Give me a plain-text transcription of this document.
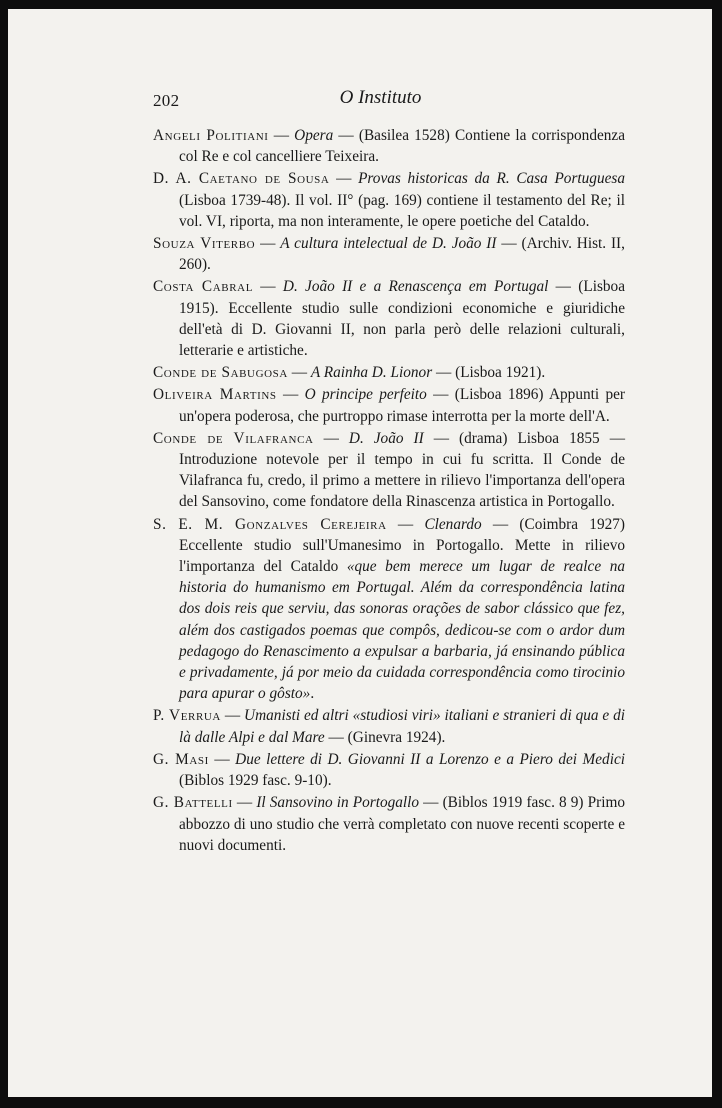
202	O Instituto
Angeli Politiani — Opera — (Basilea 1528) Contiene la corrispondenza col Re e col cancelliere Teixeira.
D. A. Caetano de Sousa — Provas historicas da R. Casa Portuguesa (Lisboa 1739-48). Il vol. II° (pag. 169) contiene il testamento del Re; il vol. VI, riporta, ma non interamente, le opere poetiche del Cataldo.
Souza Viterbo — A cultura intelectual de D. João II — (Archiv. Hist. II, 260).
Costa Cabral — D. João II e a Renascença em Portugal — (Lisboa 1915). Eccellente studio sulle condizioni economiche e giuridiche dell'età di D. Giovanni II, non parla però delle relazioni culturali, letterarie e artistiche.
Conde de Sabugosa — A Rainha D. Lionor — (Lisboa 1921).
Oliveira Martins — O principe perfeito — (Lisboa 1896) Appunti per un'opera poderosa, che purtroppo rimase interrotta per la morte dell'A.
Conde de Vilafranca — D. João II — (drama) Lisboa 1855 — Introduzione notevole per il tempo in cui fu scritta. Il Conde de Vilafranca fu, credo, il primo a mettere in rilievo l'importanza dell'opera del Sansovino, come fondatore della Rinascenza artistica in Portogallo.
S. E. M. Gonzalves Cerejeira — Clenardo — (Coimbra 1927) Eccellente studio sull'Umanesimo in Portogallo. Mette in rilievo l'importanza del Cataldo «que bem merece um lugar de realce na historia do humanismo em Portugal. Além da correspondência latina dos dois reis que serviu, das sonoras orações de sabor clássico que fez, além dos castigados poemas que compôs, dedicou-se com o ardor dum pedagogo do Renascimento a expulsar a barbaria, já ensinando pública e privadamente, já por meio da cuidada correspondência como tirocinio para apurar o gôsto».
P. Verrua — Umanisti ed altri «studiosi viri» italiani e stranieri di qua e di là dalle Alpi e dal Mare — (Ginevra 1924).
G. Masi — Due lettere di D. Giovanni II a Lorenzo e a Piero dei Medici (Biblos 1929 fasc. 9-10).
G. Battelli — Il Sansovino in Portogallo — (Biblos 1919 fasc. 8 9) Primo abbozzo di uno studio che verrà completato con nuove recenti scoperte e nuovi documenti.
